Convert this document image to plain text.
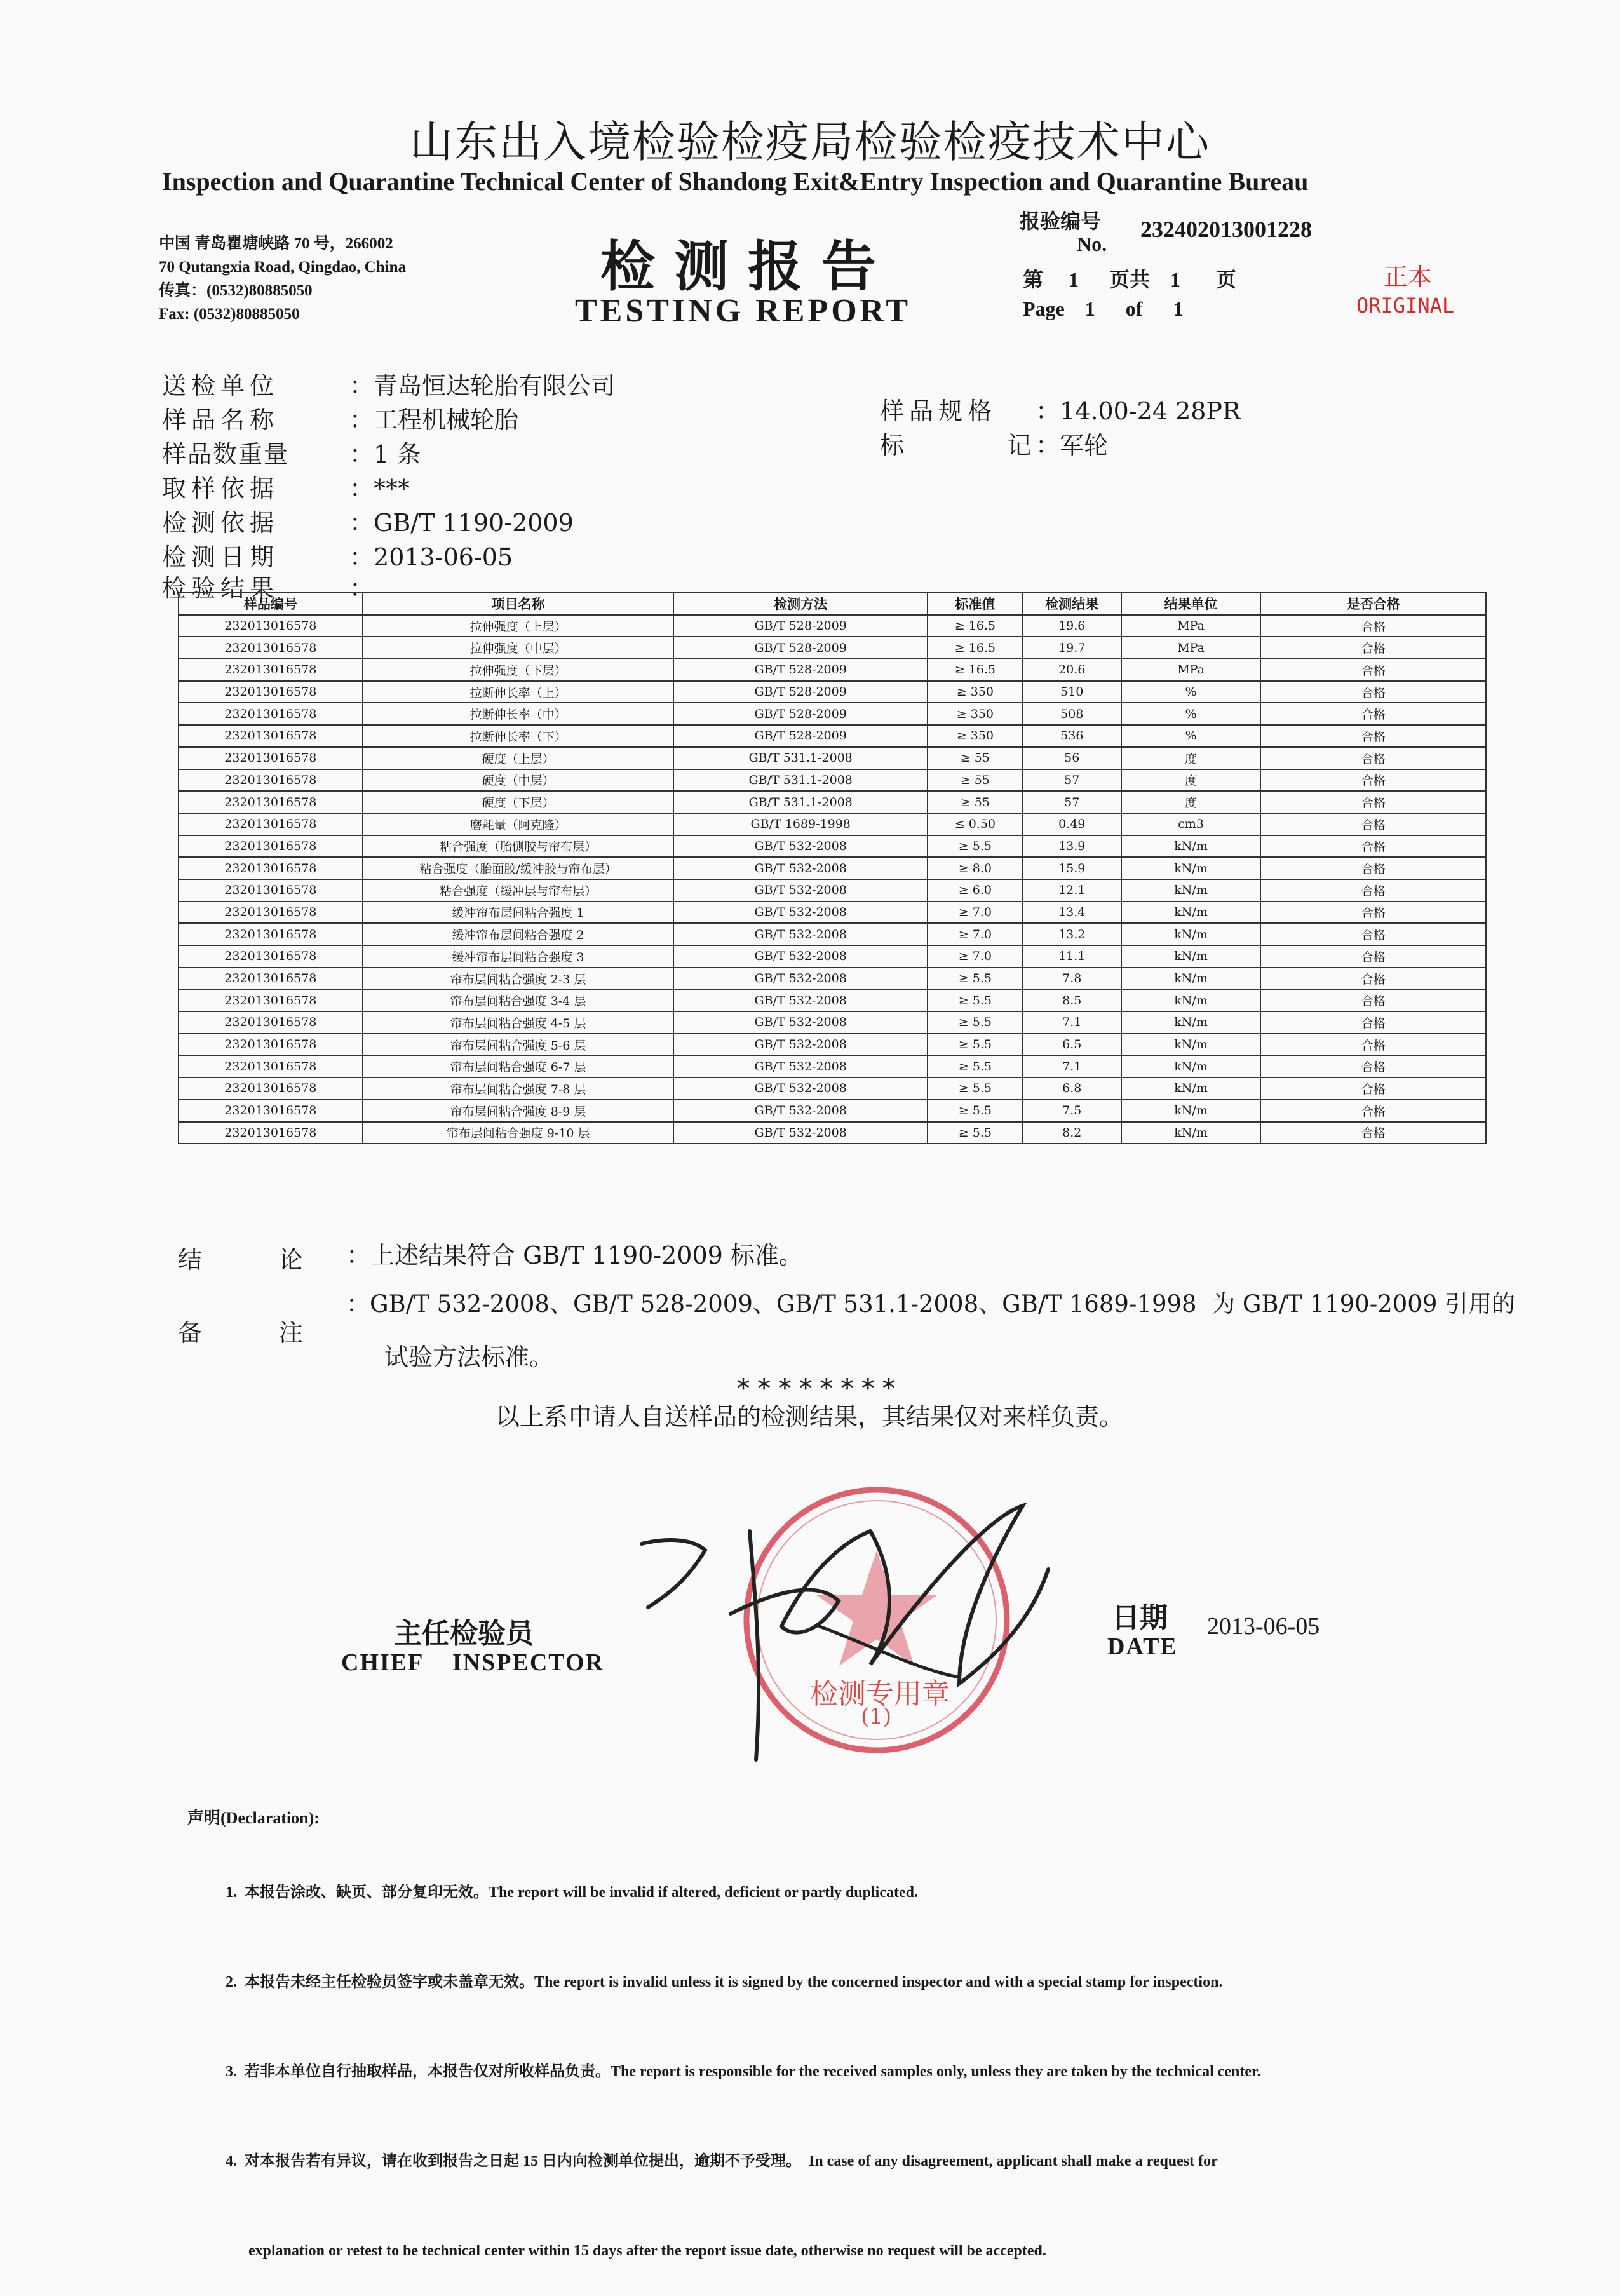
山东出入境检验检疫局检验检疫技术中心
Inspection and Quarantine Technical Center of Shandong Exit&Entry Inspection and Quarantine Bureau
中国 青岛瞿塘峡路 70 号，266002
70 Qutangxia Road, Qingdao, China
传真：(0532)80885050
Fax: (0532)80885050
检测报告
TESTING REPORT
报验编号
No.
232402013001228
第     1      页共    1       页
Page    1      of      1
正本
ORIGINAL
送检单位	：青岛恒达轮胎有限公司
样品名称	：工程机械轮胎
样品数重量 ：1 条
取样依据	：***
检测依据	：GB/T 1190-2009
检测日期	：2013-06-05
检验结果	：
样品规格 ：14.00-24 28PR
标     记：军轮
样品编号	项目名称	检测方法	标准值	检测结果	结果单位	是否合格
232013016578	拉伸强度（上层）	GB/T 528-2009	≥ 16.5	19.6	MPa	合格
232013016578	拉伸强度（中层）	GB/T 528-2009	≥ 16.5	19.7	MPa	合格
232013016578	拉伸强度（下层）	GB/T 528-2009	≥ 16.5	20.6	MPa	合格
232013016578	拉断伸长率（上）	GB/T 528-2009	≥ 350	510	%	合格
232013016578	拉断伸长率（中）	GB/T 528-2009	≥ 350	508	%	合格
232013016578	拉断伸长率（下）	GB/T 528-2009	≥ 350	536	%	合格
232013016578	硬度（上层）	GB/T 531.1-2008	≥ 55	56	度	合格
232013016578	硬度（中层）	GB/T 531.1-2008	≥ 55	57	度	合格
232013016578	硬度（下层）	GB/T 531.1-2008	≥ 55	57	度	合格
232013016578	磨耗量（阿克隆）	GB/T 1689-1998	≤ 0.50	0.49	cm3	合格
232013016578	粘合强度（胎侧胶与帘布层）	GB/T 532-2008	≥ 5.5	13.9	kN/m	合格
232013016578	粘合强度（胎面胶/缓冲胶与帘布层）	GB/T 532-2008	≥ 8.0	15.9	kN/m	合格
232013016578	粘合强度（缓冲层与帘布层）	GB/T 532-2008	≥ 6.0	12.1	kN/m	合格
232013016578	缓冲帘布层间粘合强度 1	GB/T 532-2008	≥ 7.0	13.4	kN/m	合格
232013016578	缓冲帘布层间粘合强度 2	GB/T 532-2008	≥ 7.0	13.2	kN/m	合格
232013016578	缓冲帘布层间粘合强度 3	GB/T 532-2008	≥ 7.0	11.1	kN/m	合格
232013016578	帘布层间粘合强度 2-3 层	GB/T 532-2008	≥ 5.5	7.8	kN/m	合格
232013016578	帘布层间粘合强度 3-4 层	GB/T 532-2008	≥ 5.5	8.5	kN/m	合格
232013016578	帘布层间粘合强度 4-5 层	GB/T 532-2008	≥ 5.5	7.1	kN/m	合格
232013016578	帘布层间粘合强度 5-6 层	GB/T 532-2008	≥ 5.5	6.5	kN/m	合格
232013016578	帘布层间粘合强度 6-7 层	GB/T 532-2008	≥ 5.5	7.1	kN/m	合格
232013016578	帘布层间粘合强度 7-8 层	GB/T 532-2008	≥ 5.5	6.8	kN/m	合格
232013016578	帘布层间粘合强度 8-9 层	GB/T 532-2008	≥ 5.5	7.5	kN/m	合格
232013016578	帘布层间粘合强度 9-10 层	GB/T 532-2008	≥ 5.5	8.2	kN/m	合格
结          论 ：上述结果符合 GB/T 1190-2009 标准。
备          注
：GB/T 532-2008、GB/T 528-2009、GB/T 531.1-2008、GB/T 1689-1998  为 GB/T 1190-2009 引用的
试验方法标准。
* * * * * * * *
以上系申请人自送样品的检测结果，其结果仅对来样负责。
主任检验员
CHIEF    INSPECTOR
检测专用章
(1)
日期
DATE
2013-06-05
声明(Declaration):

1.  本报告涂改、缺页、部分复印无效。The report will be invalid if altered, deficient or partly duplicated.

2.  本报告未经主任检验员签字或未盖章无效。The report is invalid unless it is signed by the concerned inspector and with a special stamp for inspection.

3.  若非本单位自行抽取样品，本报告仅对所收样品负责。The report is responsible for the received samples only, unless they are taken by the technical center.

4.  对本报告若有异议，请在收到报告之日起 15 日内向检测单位提出，逾期不予受理。  In case of any disagreement, applicant shall make a request for

explanation or retest to be technical center within 15 days after the report issue date, otherwise no request will be accepted.
